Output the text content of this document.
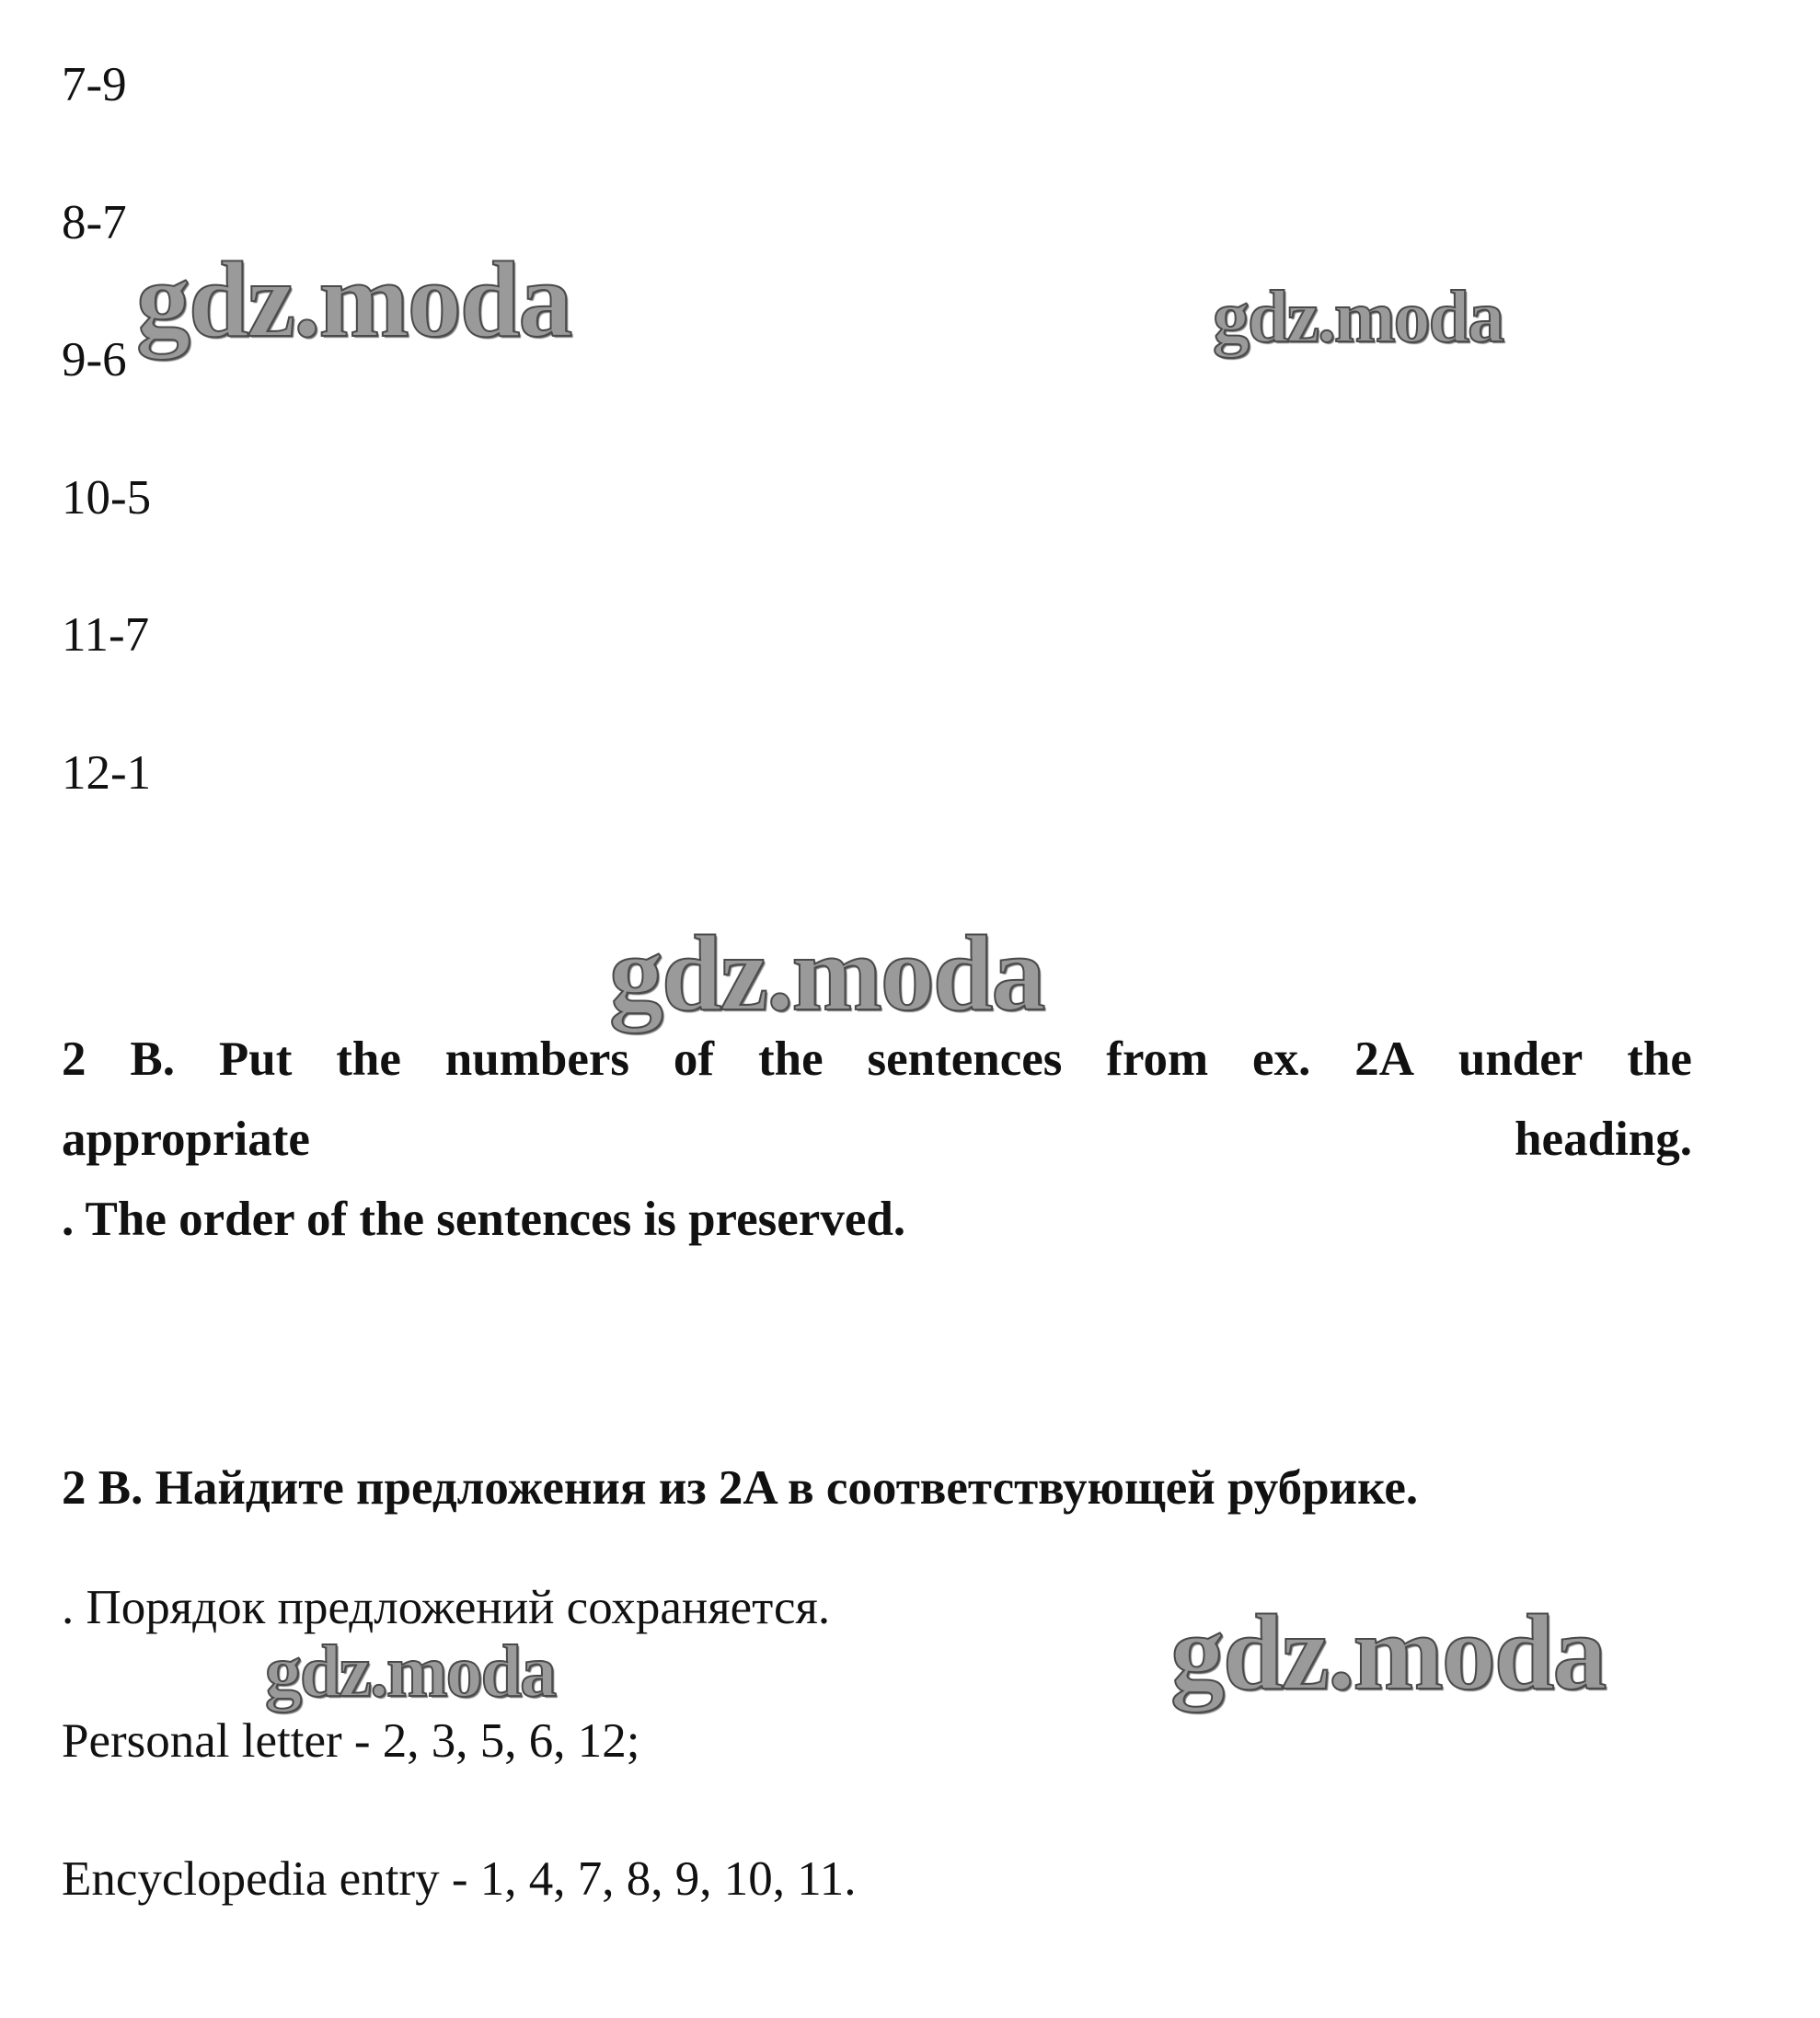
7-9
8-7
9-6
10-5
11-7
12-1
2 B. Put the numbers of the sentences from ex. 2A under the
appropriate	heading.
. The order of the sentences is preserved.
2 B. Найдите предложения из 2A в соответствующей рубрике.
. Порядок предложений сохраняется.
Personal letter - 2, 3, 5, 6, 12;
Encyclopedia entry - 1, 4, 7, 8, 9, 10, 11.
gdz.moda	gdz.moda
gdz.moda
gdz.moda	gdz.moda
